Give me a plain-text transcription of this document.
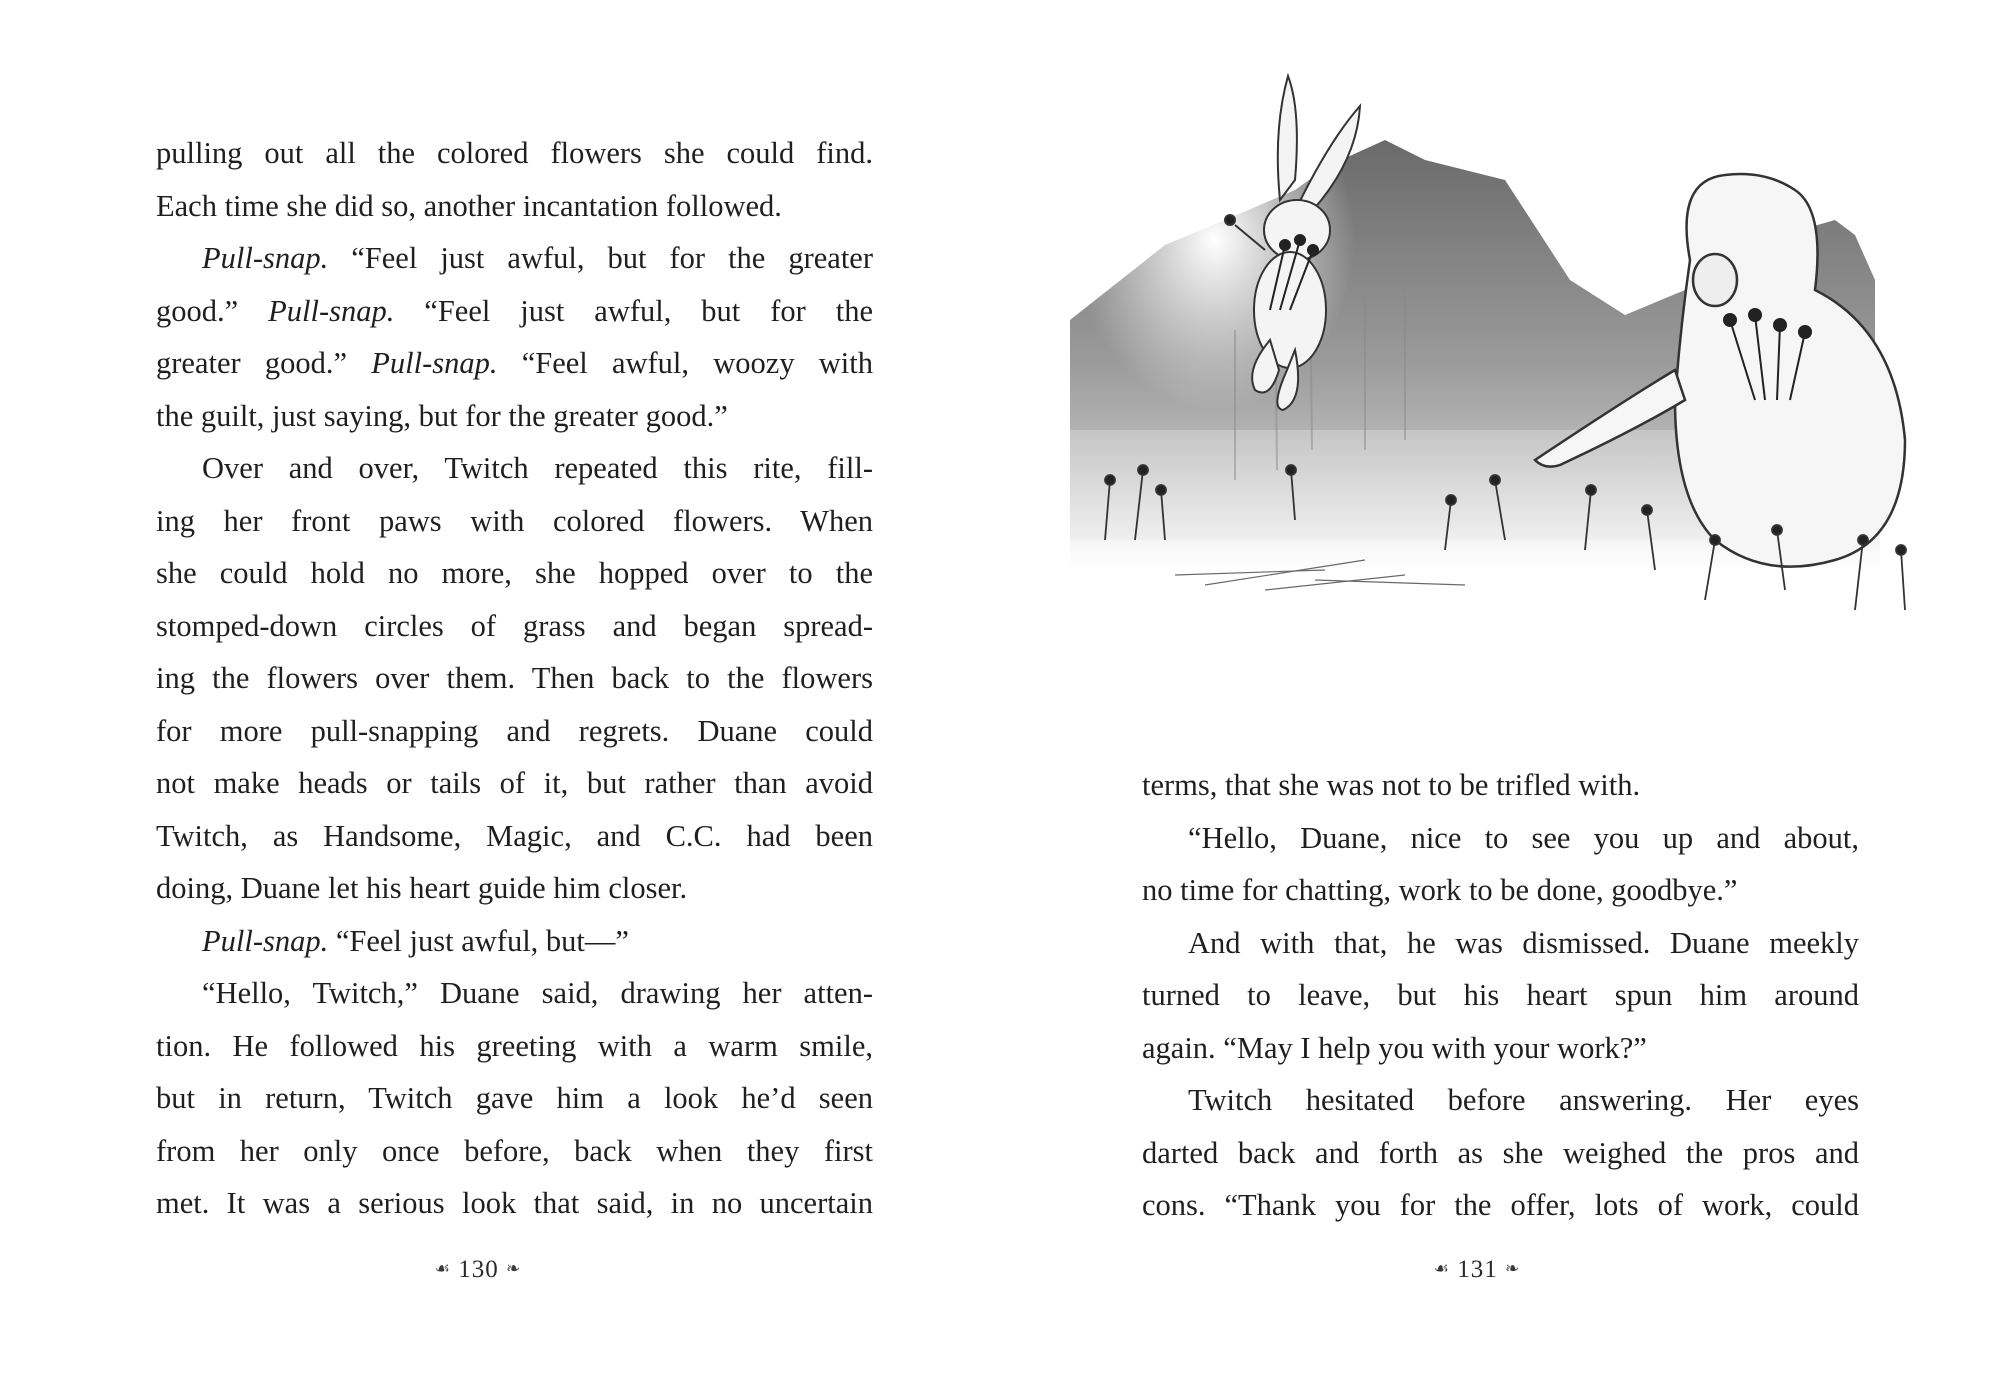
pulling out all the colored flowers she could find.
Each time she did so, another incantation followed.
Pull-snap. “Feel just awful, but for the greater
good.” Pull-snap. “Feel just awful, but for the
greater good.” Pull-snap. “Feel awful, woozy with
the guilt, just saying, but for the greater good.”
Over and over, Twitch repeated this rite, fill-
ing her front paws with colored flowers. When
she could hold no more, she hopped over to the
stomped-down circles of grass and began spread-
ing the flowers over them. Then back to the flowers
for more pull-snapping and regrets. Duane could
not make heads or tails of it, but rather than avoid
Twitch, as Handsome, Magic, and C.C. had been
doing, Duane let his heart guide him closer.
Pull-snap. “Feel just awful, but—”
“Hello, Twitch,” Duane said, drawing her atten-
tion. He followed his greeting with a warm smile,
but in return, Twitch gave him a look he’d seen
from her only once before, back when they first
met. It was a serious look that said, in no uncertain
☙ 130 ❧
terms, that she was not to be trifled with.
“Hello, Duane, nice to see you up and about,
no time for chatting, work to be done, goodbye.”
And with that, he was dismissed. Duane meekly
turned to leave, but his heart spun him around
again. “May I help you with your work?”
Twitch hesitated before answering. Her eyes
darted back and forth as she weighed the pros and
cons. “Thank you for the offer, lots of work, could
☙ 131 ❧
